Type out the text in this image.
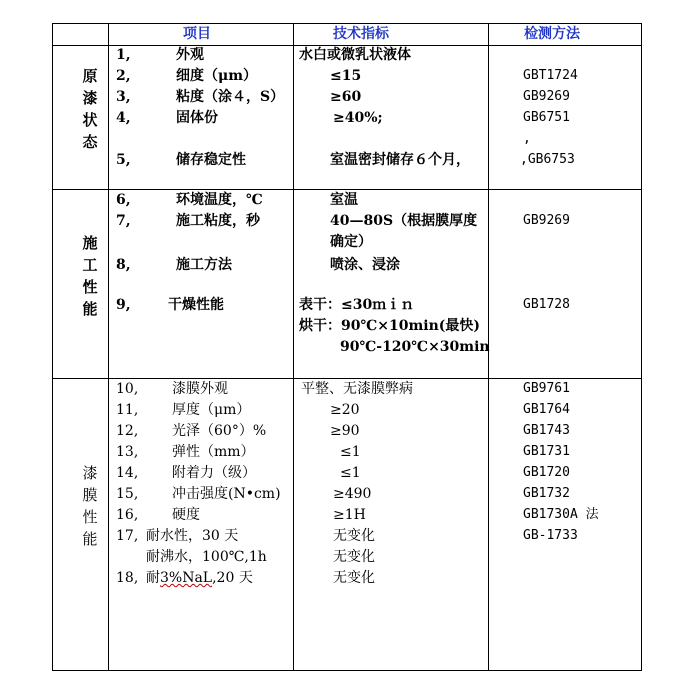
项目	技术指标	检测方法
原
漆
状
态
1,	外观	水白或微乳状液体
2,	细度（μm）	≤15	GBT1724
3,	粘度（涂４，S）	≥60	GB9269
4,	固体份	≥40%;	GB6751
,
5,	储存稳定性	室温密封储存６个月，	,GB6753
施
工
性
能
6,	环境温度，℃	室温
7,	施工粘度，秒	40—80S（根据膜厚度	GB9269
确定）
8,	施工方法	喷涂、浸涂
9,	干燥性能	表干：≤30ｍｉｎ	GB1728
烘干：90℃×10min(最快)
90℃-120℃×30min
漆
膜
性
能
10, 漆膜外观	平整、无漆膜弊病	GB9761
11, 厚度（μm）	≥20	GB1764
12, 光泽（60°）%	≥90	GB1743
13, 弹性（mm）	≤1	GB1731
14, 附着力（级）	≤1	GB1720
15, 冲击强度(N•cm)	≥490	GB1732
16, 硬度	≥1H	GB1730A 法
17, 耐水性，30 天	无变化	GB-1733
耐沸水，100℃,1h	无变化
18, 耐3%NaL,20 天	无变化
